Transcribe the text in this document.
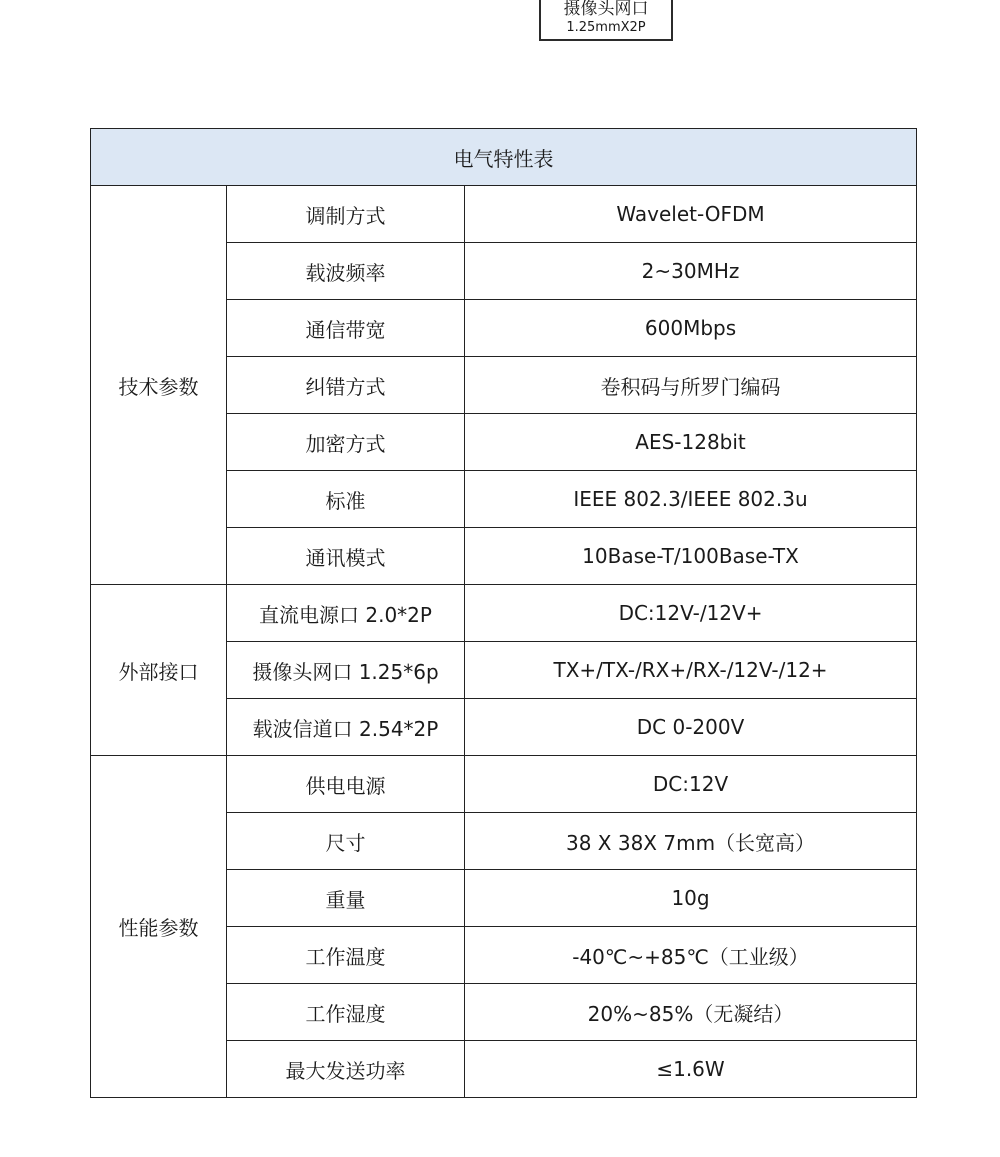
摄像头网口
1.25mmX2P
电气特性表		
技术参数	调制方式	Wavelet-OFDM
	载波频率	2~30MHz
	通信带宽	600Mbps
	纠错方式	卷积码与所罗门编码
	加密方式	AES-128bit
	标准	IEEE 802.3/IEEE 802.3u
	通讯模式	10Base-T/100Base-TX
外部接口	直流电源口 2.0*2P	DC:12V-/12V+
	摄像头网口 1.25*6p	TX+/TX-/RX+/RX-/12V-/12+
	载波信道口 2.54*2P	DC 0-200V
性能参数	供电电源	DC:12V
	尺寸	38 X 38X 7mm（长宽高）
	重量	10g
	工作温度	-40℃~+85℃（工业级）
	工作湿度	20%~85%（无凝结）
	最大发送功率	≤1.6W
